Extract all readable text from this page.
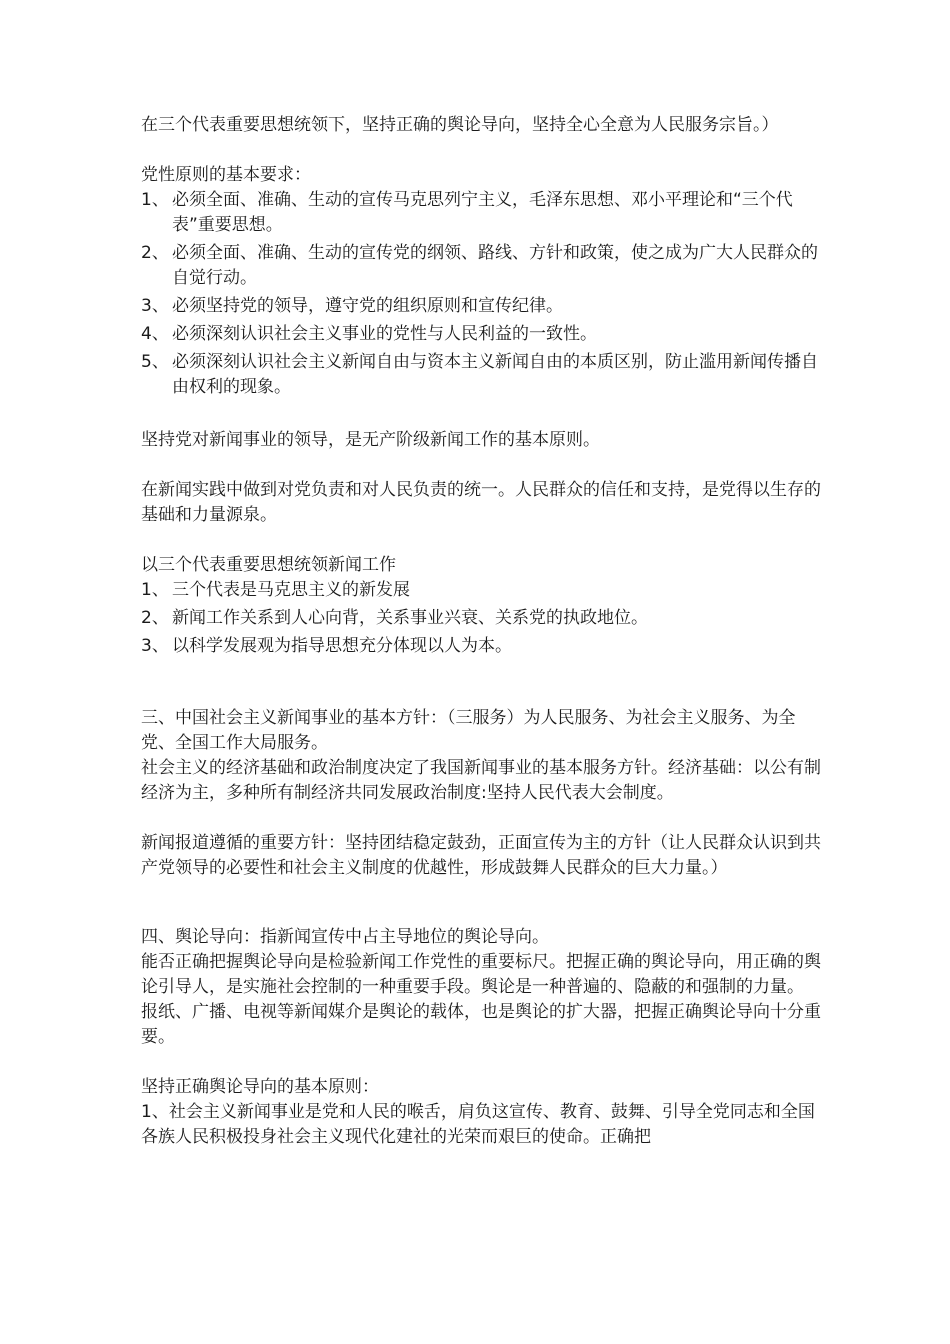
在三个代表重要思想统领下，坚持正确的舆论导向，坚持全心全意为人民服务宗旨。）

党性原则的基本要求：

1、 必须全面、准确、生动的宣传马克思列宁主义，毛泽东思想、邓小平理论和“三个代表”重要思想。
2、 必须全面、准确、生动的宣传党的纲领、路线、方针和政策，使之成为广大人民群众的自觉行动。
3、 必须坚持党的领导，遵守党的组织原则和宣传纪律。
4、 必须深刻认识社会主义事业的党性与人民利益的一致性。
5、 必须深刻认识社会主义新闻自由与资本主义新闻自由的本质区别，防止滥用新闻传播自由权利的现象。

坚持党对新闻事业的领导，是无产阶级新闻工作的基本原则。

在新闻实践中做到对党负责和对人民负责的统一。人民群众的信任和支持，是党得以生存的基础和力量源泉。

以三个代表重要思想统领新闻工作

1、 三个代表是马克思主义的新发展
2、 新闻工作关系到人心向背，关系事业兴衰、关系党的执政地位。
3、 以科学发展观为指导思想充分体现以人为本。

三、中国社会主义新闻事业的基本方针：（三服务）为人民服务、为社会主义服务、为全党、全国工作大局服务。

社会主义的经济基础和政治制度决定了我国新闻事业的基本服务方针。经济基础：以公有制经济为主，多种所有制经济共同发展政治制度:坚持人民代表大会制度。

新闻报道遵循的重要方针：坚持团结稳定鼓劲，正面宣传为主的方针（让人民群众认识到共产党领导的必要性和社会主义制度的优越性，形成鼓舞人民群众的巨大力量。）

四、舆论导向：指新闻宣传中占主导地位的舆论导向。

能否正确把握舆论导向是检验新闻工作党性的重要标尺。把握正确的舆论导向，用正确的舆论引导人，是实施社会控制的一种重要手段。舆论是一种普遍的、隐蔽的和强制的力量。

报纸、广播、电视等新闻媒介是舆论的载体，也是舆论的扩大器，把握正确舆论导向十分重要。

坚持正确舆论导向的基本原则：

1、社会主义新闻事业是党和人民的喉舌，肩负这宣传、教育、鼓舞、引导全党同志和全国各族人民积极投身社会主义现代化建社的光荣而艰巨的使命。正确把
